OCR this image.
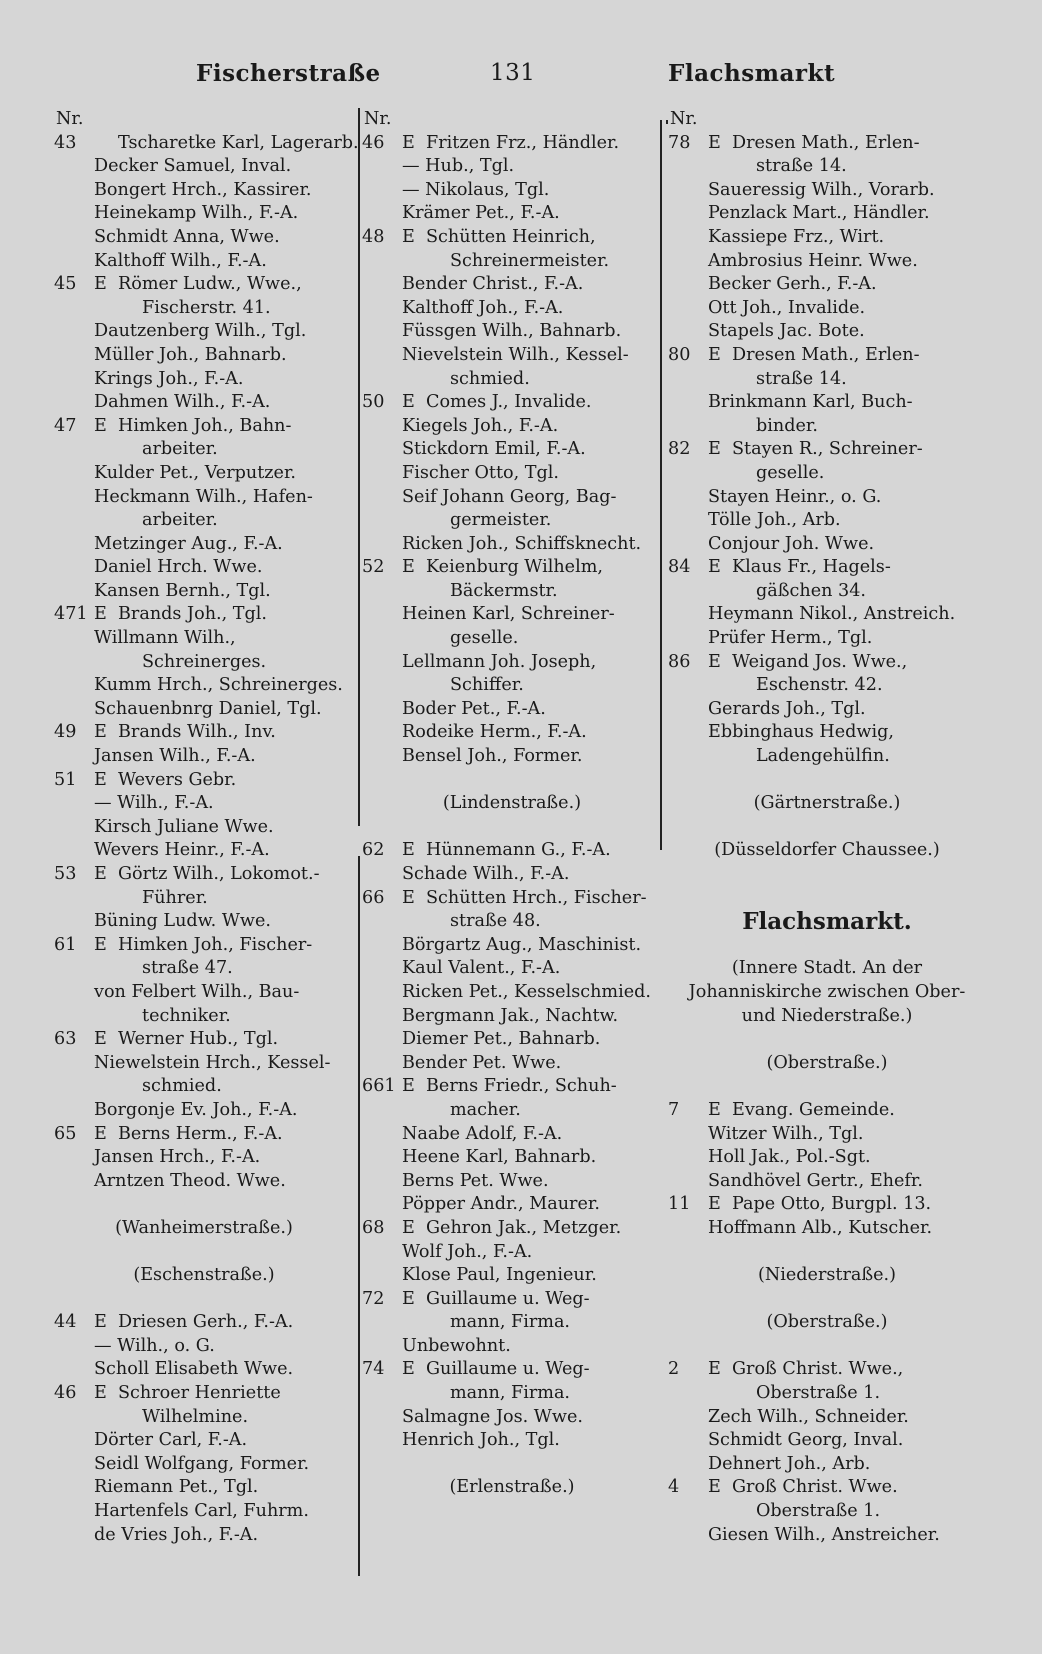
Fischerstraße	131	Flachsmarkt
Nr.
43 Tscharetke Karl, Lagerarb.
Decker Samuel, Inval.
Bongert Hrch., Kassirer.
Heinekamp Wilh., F.-A.
Schmidt Anna, Wwe.
Kalthoff Wilh., F.-A.
45 E Römer Ludw., Wwe.,
Fischerstr. 41.
Dautzenberg Wilh., Tgl.
Müller Joh., Bahnarb.
Krings Joh., F.-A.
Dahmen Wilh., F.-A.
47 E Himken Joh., Bahn-
arbeiter.
Kulder Pet., Verputzer.
Heckmann Wilh., Hafen-
arbeiter.
Metzinger Aug., F.-A.
Daniel Hrch. Wwe.
Kansen Bernh., Tgl.
471 E Brands Joh., Tgl.
Willmann Wilh.,
Schreinerges.
Kumm Hrch., Schreinerges.
Schauenbnrg Daniel, Tgl.
49 E Brands Wilh., Inv.
Jansen Wilh., F.-A.
51 E Wevers Gebr.
— Wilh., F.-A.
Kirsch Juliane Wwe.
Wevers Heinr., F.-A.
53 E Görtz Wilh., Lokomot.-
Führer.
Büning Ludw. Wwe.
61 E Himken Joh., Fischer-
straße 47.
von Felbert Wilh., Bau-
techniker.
63 E Werner Hub., Tgl.
Niewelstein Hrch., Kessel-
schmied.
Borgonje Ev. Joh., F.-A.
65 E Berns Herm., F.-A.
Jansen Hrch., F.-A.
Arntzen Theod. Wwe.
(Wanheimerstraße.)
(Eschenstraße.)
44 E Driesen Gerh., F.-A.
— Wilh., o. G.
Scholl Elisabeth Wwe.
46 E Schroer Henriette
Wilhelmine.
Dörter Carl, F.-A.
Seidl Wolfgang, Former.
Riemann Pet., Tgl.
Hartenfels Carl, Fuhrm.
de Vries Joh., F.-A.
Nr.
46 E Fritzen Frz., Händler.
— Hub., Tgl.
— Nikolaus, Tgl.
Krämer Pet., F.-A.
48 E Schütten Heinrich,
Schreinermeister.
Bender Christ., F.-A.
Kalthoff Joh., F.-A.
Füssgen Wilh., Bahnarb.
Nievelstein Wilh., Kessel-
schmied.
50 E Comes J., Invalide.
Kiegels Joh., F.-A.
Stickdorn Emil, F.-A.
Fischer Otto, Tgl.
Seif Johann Georg, Bag-
germeister.
Ricken Joh., Schiffsknecht.
52 E Keienburg Wilhelm,
Bäckermstr.
Heinen Karl, Schreiner-
geselle.
Lellmann Joh. Joseph,
Schiffer.
Boder Pet., F.-A.
Rodeike Herm., F.-A.
Bensel Joh., Former.
(Lindenstraße.)
62 E Hünnemann G., F.-A.
Schade Wilh., F.-A.
66 E Schütten Hrch., Fischer-
straße 48.
Börgartz Aug., Maschinist.
Kaul Valent., F.-A.
Ricken Pet., Kesselschmied.
Bergmann Jak., Nachtw.
Diemer Pet., Bahnarb.
Bender Pet. Wwe.
661 E Berns Friedr., Schuh-
macher.
Naabe Adolf, F.-A.
Heene Karl, Bahnarb.
Berns Pet. Wwe.
Pöpper Andr., Maurer.
68 E Gehron Jak., Metzger.
Wolf Joh., F.-A.
Klose Paul, Ingenieur.
72 E Guillaume u. Weg-
mann, Firma.
Unbewohnt.
74 E Guillaume u. Weg-
mann, Firma.
Salmagne Jos. Wwe.
Henrich Joh., Tgl.
(Erlenstraße.)
Nr.
78 E Dresen Math., Erlen-
straße 14.
Saueressig Wilh., Vorarb.
Penzlack Mart., Händler.
Kassiepe Frz., Wirt.
Ambrosius Heinr. Wwe.
Becker Gerh., F.-A.
Ott Joh., Invalide.
Stapels Jac. Bote.
80 E Dresen Math., Erlen-
straße 14.
Brinkmann Karl, Buch-
binder.
82 E Stayen R., Schreiner-
geselle.
Stayen Heinr., o. G.
Tölle Joh., Arb.
Conjour Joh. Wwe.
84 E Klaus Fr., Hagels-
gäßchen 34.
Heymann Nikol., Anstreich.
Prüfer Herm., Tgl.
86 E Weigand Jos. Wwe.,
Eschenstr. 42.
Gerards Joh., Tgl.
Ebbinghaus Hedwig,
Ladengehülfin.
(Gärtnerstraße.)
(Düsseldorfer Chaussee.)
Flachsmarkt.
(Innere Stadt. An der
Johanniskirche zwischen Ober-
und Niederstraße.)
(Oberstraße.)
7 E Evang. Gemeinde.
Witzer Wilh., Tgl.
Holl Jak., Pol.-Sgt.
Sandhövel Gertr., Ehefr.
11 E Pape Otto, Burgpl. 13.
Hoffmann Alb., Kutscher.
(Niederstraße.)
(Oberstraße.)
2 E Groß Christ. Wwe.,
Oberstraße 1.
Zech Wilh., Schneider.
Schmidt Georg, Inval.
Dehnert Joh., Arb.
4 E Groß Christ. Wwe.
Oberstraße 1.
Giesen Wilh., Anstreicher.
